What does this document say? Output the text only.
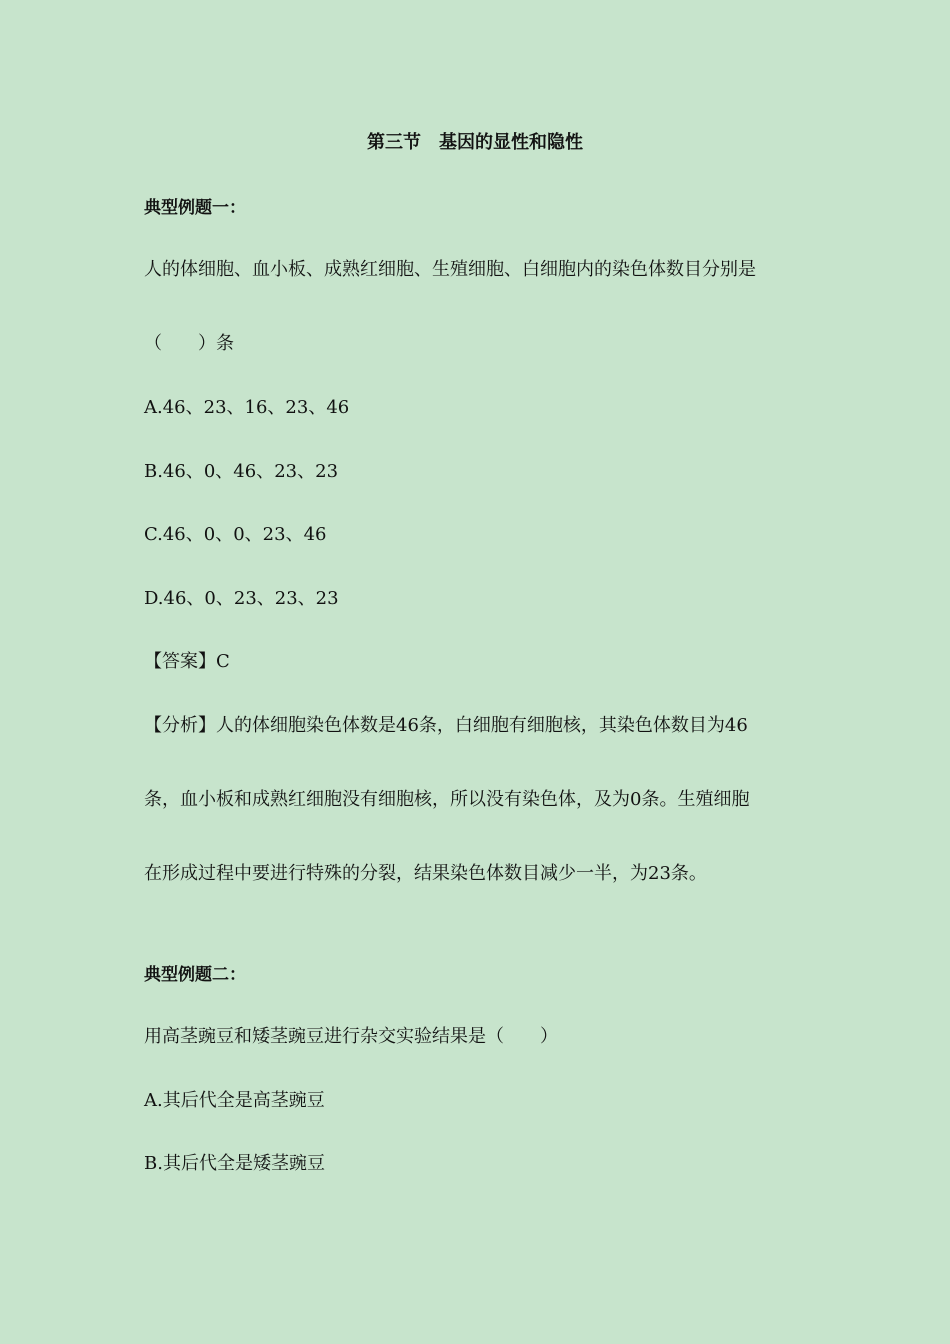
第三节　基因的显性和隐性
典型例题一：
人的体细胞、血小板、成熟红细胞、生殖细胞、白细胞内的染色体数目分别是
（　　）条
A.46、23、16、23、46
B.46、0、46、23、23
C.46、0、0、23、46
D.46、0、23、23、23
【答案】C
【分析】人的体细胞染色体数是46条，白细胞有细胞核，其染色体数目为46
条，血小板和成熟红细胞没有细胞核，所以没有染色体，及为0条。生殖细胞
在形成过程中要进行特殊的分裂，结果染色体数目减少一半，为23条。
典型例题二：
用高茎豌豆和矮茎豌豆进行杂交实验结果是（　　）
A.其后代全是高茎豌豆
B.其后代全是矮茎豌豆
